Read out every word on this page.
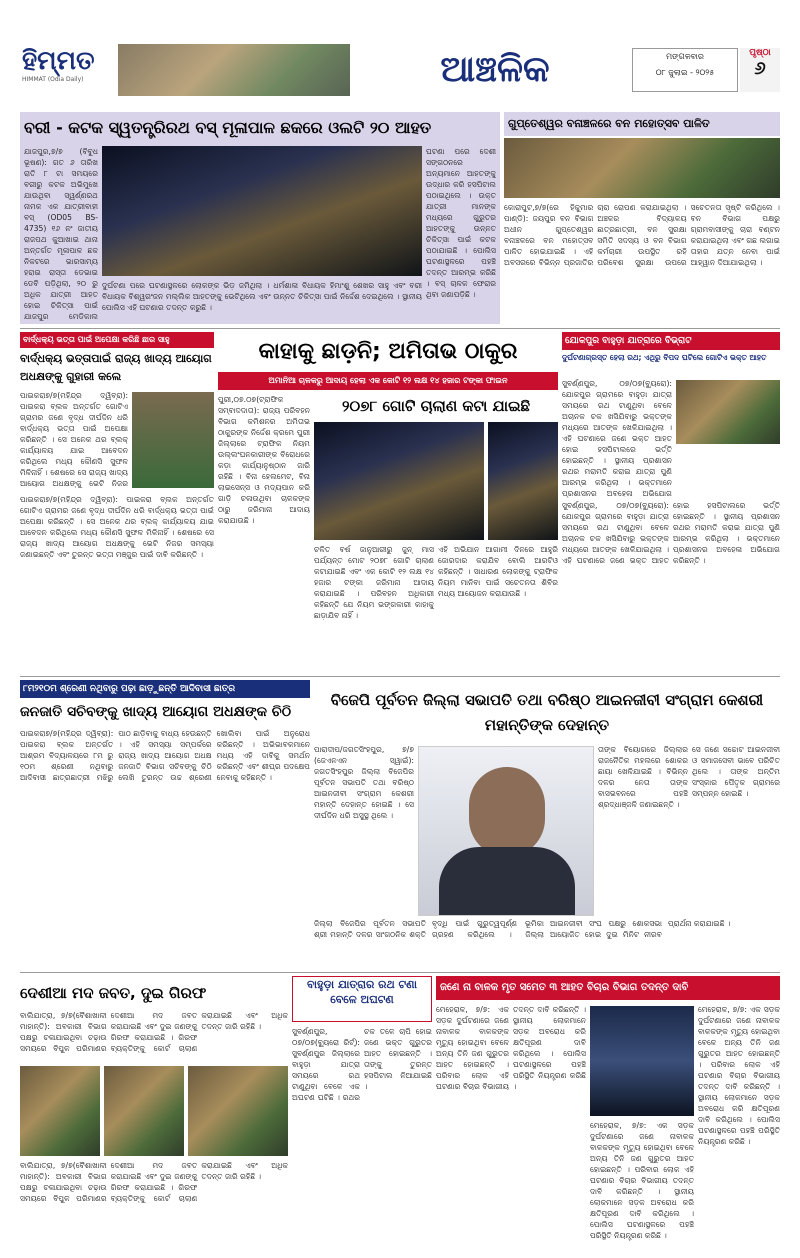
ହିମ୍ମତ
HIMMAT (Odia Daily)	ଆଞ୍ଚଳିକ	ମଙ୍ଗଳବାର
୦୮ ଜୁଲାଇ - ୨୦୨୫
ପୃଷ୍ଠା
୬
ବରୀ - କଟକ ସ୍ୱତନ୍ତ୍ରିରଥ ବସ୍ ମୂଳାପାଳ ଛକରେ ଓଲଟି ୨୦ ଆହତ
ଯାଜପୁର,୭/୭ (ବିବୁଧ ଭୂଷଣ): ଗତ ୬ ତାରିଖ ରାତି ୮ ଟା ସମୟରେ ବରୀରୁ କଟକ ଅଭିମୁଖେ ଯାଉଥିବା ସ୍ୱର୍ଣ୍ଣରଥ ନାମକ ଏକ ଯାତ୍ରୀବାହୀ ବସ୍ (OD05 BS-4735) ୧୬ ନଂ ଜାତୀୟ ରାଜପଥ କୁଆଖାଇ ଥାନା ଅନ୍ତର୍ଗତ ମୂଳାପାଳ ଛକ ନିକଟରେ ଭାରସାମ୍ୟ ହରାଇ ରାସ୍ତା ଡେଭାଇ ଡେବି ପଡ଼ିଥିଲା, ୨୦ ରୁ ଅଧିକ ଯାତ୍ରୀ ଆହତ ହୋଇ ଚିକିତ୍ସା ପାଇଁ ଯାଜପୁର ମେଡିକାଲ
ଘଟଣା ପରେ ଦେଶୀ ସଙ୍ଗଠନରେ ଅନ୍ୟମାନେ ଆହତଙ୍କୁ ଉଦ୍ଧାର କରି ହସପିଟାଲ ପଠାଇଥିଲେ । ଉକ୍ତ ଯାତ୍ରୀ ମାନଙ୍କ ମଧ୍ୟରେ ଗୁରୁତର ଆହତଙ୍କୁ ଉନ୍ନତ ଚିକିତ୍ସା ପାଇଁ କଟକ ପଠାଯାଇଛି । ପୋଲିସ ଘଟଣାସ୍ଥଳରେ ପହଞ୍ଚି ତଦନ୍ତ ଆରମ୍ଭ କରିଛି । ବସ୍ ଚାଳକ ଫେରାର ଥିବା ଜଣାପଡ଼ିଛି ।
ଦୁର୍ଘଟଣା ପରେ ଘଟଣାସ୍ଥଳରେ ଲୋକଙ୍କ ଭିଡ଼ ଜମିଥିଲା । ଧର୍ମଶାଳା ବିଧାୟକ ହିମାଂଶୁ ଶେଖର ସାହୁ ଏବଂ ବରୀ ବିଧାୟକ ବିଶ୍ୱରଂଜନ ମଲ୍ଲିକ ଆହତଙ୍କୁ ଭେଟିଥିଲେ ଏବଂ ଉନ୍ନତ ଚିକିତ୍ସା ପାଇଁ ନିର୍ଦ୍ଦେଶ ଦେଇଥିଲେ । ସ୍ଥାନୀୟ ପୋଲିସ ଏହି ଘଟଣାର ତଦନ୍ତ କରୁଛି ।
ଗୁପ୍ତେଶ୍ୱର ବନାଞ୍ଚଳରେ ବନ ମହୋତ୍ସବ ପାଳିତ
କୋରାପୁଟ,୭/୭(ରେ ହିକୁମାର ପାଣ୍ଡି): ଜୟପୁର ବନ ବିଭାଗ ଅଧୀନ ଗୁପ୍ତେଶ୍ୱର ବନାଞ୍ଚଳରେ ବନ ମହୋତ୍ସବ ପାଳିତ ହୋଇଯାଇଛି । ଏହି ଅବସରରେ ବିଭିନ୍ନ ପ୍ରଜାତିର ଚାରା ରୋପଣ କରାଯାଇଥିଲା । ଅଞ୍ଚଳର ବିଦ୍ୟାଳୟ ଛାତ୍ରଛାତ୍ରୀ, ବନ ସୁରକ୍ଷା ସମିତି ସଦସ୍ୟ ଓ ବନ ବିଭାଗ କର୍ମଚାରୀ ଉପସ୍ଥିତ ରହି ପରିବେଶ ସୁରକ୍ଷା ଉପରେ ସଚେତନତା ସୃଷ୍ଟି କରିଥିଲେ । ବନ ବିଭାଗ ପକ୍ଷରୁ ଗ୍ରାମବାସୀଙ୍କୁ ଚାରା ବଣ୍ଟନ କରାଯାଇଥିଲା ଏବଂ ଗଛ ଲଗାଇ ତାହାର ଯତ୍ନ ନେବା ପାଇଁ ଆହ୍ୱାନ ଦିଆଯାଇଥିଲା ।
ବାର୍ଦ୍ଧକ୍ୟ ଭତ୍ତା ପାଇଁ ଅପେକ୍ଷା କରିଛି ଛାର ସାହୁ
ବାର୍ଦ୍ଧକ୍ୟ ଭତ୍ତାପାଇଁ ରାଜ୍ୟ ଖାଦ୍ୟ ଆୟୋଗ ଅଧକ୍ଷଙ୍କୁ ଗୁହାରୀ କଲେ
ପାଇକରା୭/୭(ମହିନ୍ଦ୍ର ଦ୍ୱିବ୍ରା): ପାଇକରା ବ୍ଲକ ଅନ୍ତର୍ଗତ ଗୋଟିଏ ଗ୍ରାମର ଜଣେ ବୃଦ୍ଧ ଦୀର୍ଘଦିନ ଧରି ବାର୍ଦ୍ଧକ୍ୟ ଭତ୍ତା ପାଇଁ ଅପେକ୍ଷା କରିଛନ୍ତି । ସେ ଅନେକ ଥର ବ୍ଲକ୍ କାର୍ଯ୍ୟାଳୟ ଯାଇ ଆବେଦନ କରିଥିଲେ ମଧ୍ୟ କୌଣସି ସୁଫଳ ମିଳିନାହିଁ । ଶେଷରେ ସେ ରାଜ୍ୟ ଖାଦ୍ୟ ଆୟୋଗ ଅଧକ୍ଷଙ୍କୁ ଭେଟି ନିଜର
ପାଇକରା୭/୭(ମହିନ୍ଦ୍ର ଦ୍ୱିବ୍ରା): ପାଇକରା ବ୍ଲକ ଅନ୍ତର୍ଗତ ଗୋଟିଏ ଗ୍ରାମର ଜଣେ ବୃଦ୍ଧ ଦୀର୍ଘଦିନ ଧରି ବାର୍ଦ୍ଧକ୍ୟ ଭତ୍ତା ପାଇଁ ଅପେକ୍ଷା କରିଛନ୍ତି । ସେ ଅନେକ ଥର ବ୍ଲକ୍ କାର୍ଯ୍ୟାଳୟ ଯାଇ ଆବେଦନ କରିଥିଲେ ମଧ୍ୟ କୌଣସି ସୁଫଳ ମିଳିନାହିଁ । ଶେଷରେ ସେ ରାଜ୍ୟ ଖାଦ୍ୟ ଆୟୋଗ ଅଧକ୍ଷଙ୍କୁ ଭେଟି ନିଜର ସମସ୍ୟା ଜଣାଇଛନ୍ତି ଏବଂ ତୁରନ୍ତ ଭତ୍ତା ମଞ୍ଜୁର ପାଇଁ ଦାବି କରିଛନ୍ତି ।
କାହାକୁ ଛାଡ଼ନି; ଅମିତାଭ ଠାକୁର
ଅମାନିଆ ଚାଳକରୁ ଆଦାୟ ହେଲା ଏକ କୋଟି ୧୨ ଲକ୍ଷ ୧୪ ହଜାର ଟଙ୍କା ଫାଇନ
ପୁରୀ,୦୭.୦୭(ଟ୍ରାଫିକ ସମ୍ବାଦଦାତା): ରାଜ୍ୟ ପରିବହନ ବିଭାଗ କମିଶନର ଅମିତାଭ ଠାକୁରଙ୍କ ନିର୍ଦ୍ଦେଶ କ୍ରମେ ପୁରୀ ଜିଲ୍ଲାରେ ଟ୍ରାଫିକ ନିୟମ ଉଲ୍ଲଂଘନକାରୀଙ୍କ ବିରୋଧରେ କଡ଼ା କାର୍ଯ୍ୟାନୁଷ୍ଠାନ ଜାରି ରହିଛି । ବିନା ହେଲମେଟ, ବିନା ଲାଇସେନ୍ସ ଓ ମଦ୍ୟପାନ କରି ଗାଡ଼ି ଚଳାଉଥିବା ଚାଳକଙ୍କ ଠାରୁ ଜରିମାନା ଆଦାୟ କରାଯାଉଛି ।
୨୦୭୮ ଗୋଟି ଚାଲାଣ କଟା ଯାଇଛି
ଚଳିତ ବର୍ଷ ଜାନୁଆରୀରୁ ଜୁନ୍ ମାସ ପର୍ଯ୍ୟନ୍ତ ମୋଟ ୨୦୭୮ ଗୋଟି ଚାଲାଣ କଟାଯାଇଛି ଏବଂ ଏକ କୋଟି ୧୨ ଲକ୍ଷ ୧୪ ହଜାର ଟଙ୍କା ଜରିମାନା ଆଦାୟ କରାଯାଇଛି । ପରିବହନ ଅଧିକାରୀ କହିଛନ୍ତି ଯେ ନିୟମ ଭଙ୍ଗକାରୀ କାହାକୁ ଛାଡ଼ାଯିବ ନାହିଁ ।
ଏହି ଅଭିଯାନ ଆଗାମୀ ଦିନରେ ଆହୁରି ଜୋରଦାର କରାଯିବ ବୋଲି ଆରଟିଓ କହିଛନ୍ତି । ସାଧାରଣ ଲୋକଙ୍କୁ ଟ୍ରାଫିକ ନିୟମ ମାନିବା ପାଇଁ ସଚେତନତା ଶିବିର ମଧ୍ୟ ଆୟୋଜନ କରାଯାଉଛି ।
ଯୋକପୁର ବାହୁଡ଼ା ଯାତ୍ରାରେ ବିଭ୍ରାଟ
ଦୁର୍ଘଟଣାଗ୍ରସ୍ତ ହେଲା ରଥ; ଏଥିରୁ ବିପଦ ଘଟିଲେ ଗୋଟିଏ ଭକ୍ତ ଆହତ
ସୁବର୍ଣ୍ଣପୁର, ୦୭/୦୭(ବ୍ୟୁରୋ): ଯୋକପୁର ଗ୍ରାମରେ ବାହୁଡ଼ା ଯାତ୍ରା ସମୟରେ ରଥ ଟାଣୁଥିବା ବେଳେ ଅଚାନକ ଚକ ଖସିଯିବାରୁ ଭକ୍ତଙ୍କ ମଧ୍ୟରେ ଆତଙ୍କ ଖେଳିଯାଇଥିଲା । ଏହି ଘଟଣାରେ ଜଣେ ଭକ୍ତ ଆହତ ହୋଇ ହସପିଟାଲରେ ଭର୍ତ୍ତି ହୋଇଛନ୍ତି । ସ୍ଥାନୀୟ ପ୍ରଶାସନ ରଥର ମରାମତି କରାଇ ଯାତ୍ରା ପୁଣି ଆରମ୍ଭ କରିଥିଲା । ଭକ୍ତମାନେ ପ୍ରଶାସନର ଅବହେଳା ଅଭିଯୋଗ
ସୁବର୍ଣ୍ଣପୁର, ୦୭/୦୭(ବ୍ୟୁରୋ): ଯୋକପୁର ଗ୍ରାମରେ ବାହୁଡ଼ା ଯାତ୍ରା ସମୟରେ ରଥ ଟାଣୁଥିବା ବେଳେ ଅଚାନକ ଚକ ଖସିଯିବାରୁ ଭକ୍ତଙ୍କ ମଧ୍ୟରେ ଆତଙ୍କ ଖେଳିଯାଇଥିଲା । ଏହି ଘଟଣାରେ ଜଣେ ଭକ୍ତ ଆହତ ହୋଇ ହସପିଟାଲରେ ଭର୍ତ୍ତି ହୋଇଛନ୍ତି । ସ୍ଥାନୀୟ ପ୍ରଶାସନ ରଥର ମରାମତି କରାଇ ଯାତ୍ରା ପୁଣି ଆରମ୍ଭ କରିଥିଲା । ଭକ୍ତମାନେ ପ୍ରଶାସନର ଅବହେଳା ଅଭିଯୋଗ କରିଛନ୍ତି ।
୮ମ୨୧୦ମ ଶ୍ରେଣୀ ନଥିବାରୁ ପଢ଼ା ଛାଡ଼ୁଛନ୍ତି ଆଦିବାସୀ ଛାତ୍ର
ଜନଜାତି ସଚିବଙ୍କୁ ଖାଦ୍ୟ ଆୟୋଗ ଅଧକ୍ଷଙ୍କ ଚିଠି
ପାଇକରା୭/୭(ମହିନ୍ଦ୍ର ଦ୍ୱିବ୍ରା): ପାଇକରା ବ୍ଲକ ଅନ୍ତର୍ଗତ ଆଶ୍ରମ ବିଦ୍ୟାଳୟରେ ୮ମ ରୁ ୧୦ମ ଶ୍ରେଣୀ ନଥିବାରୁ ଆଦିବାସୀ ଛାତ୍ରଛାତ୍ରୀ ମଝିରୁ ପାଠ ଛାଡ଼ିବାକୁ ବାଧ୍ୟ ହେଉଛନ୍ତି । ଏହି ସମସ୍ୟା ସମ୍ପର୍କରେ ରାଜ୍ୟ ଖାଦ୍ୟ ଆୟୋଗ ଅଧକ୍ଷ ଜନଜାତି ବିଭାଗ ସଚିବଙ୍କୁ ଚିଠି ଲେଖି ତୁରନ୍ତ ଉଚ୍ଚ ଶ୍ରେଣୀ ଖୋଲିବା ପାଇଁ ଅନୁରୋଧ କରିଛନ୍ତି । ଅଭିଭାବକମାନେ ମଧ୍ୟ ଏହି ଦାବିକୁ ସମର୍ଥନ କରିଛନ୍ତି ଏବଂ ଶୀଘ୍ର ପଦକ୍ଷେପ ନେବାକୁ କହିଛନ୍ତି ।
ବିଜେପି ପୂର୍ବତନ ଜିଲ୍ଲା ସଭାପତି ତଥା ବରିଷ୍ଠ ଆଇନଜୀବୀ ସଂଗ୍ରାମ କେଶରୀ ମହାନ୍ତିଙ୍କ ଦେହାନ୍ତ
ପାରାଦୀପ/ଜଗତସିଂହପୁର, ୭/୭ (ଜେଏନଏନ ସ୍ୱାଇଁ): ଜଗତସିଂହପୁର ଜିଲ୍ଲା ବିଜେପିର ପୂର୍ବତନ ସଭାପତି ତଥା ବରିଷ୍ଠ ଆଇନଜୀବୀ ସଂଗ୍ରାମ କେଶରୀ ମହାନ୍ତି ଦେହାନ୍ତ ହୋଇଛି । ସେ ଦୀର୍ଘଦିନ ଧରି ଅସୁସ୍ଥ ଥିଲେ ।
ତାଙ୍କ ବିୟୋଗରେ ଜିଲ୍ଲାର ରାଜନୈତିକ ମହଲରେ ଶୋକର ଛାୟା ଖେଳିଯାଇଛି । ବିଭିନ୍ନ ଦଳର ନେତା ତାଙ୍କ ବାସଭବନରେ ପହଞ୍ଚି ଶ୍ରଦ୍ଧାଞ୍ଜଳି ଜଣାଇଛନ୍ତି ।
ସେ ଜଣେ ସଚ୍ଚୋଟ ଆଇନଜୀବୀ ଓ ସମାଜସେବୀ ଭାବେ ପରିଚିତ ଥିଲେ । ତାଙ୍କ ଅନ୍ତିମ ସଂସ୍କାର ପୈତୃକ ଗ୍ରାମରେ ସମ୍ପନ୍ନ ହୋଇଛି ।
ଜିଲ୍ଲା ବିଜେପିର ପୂର୍ବତନ ସଭାପତି ଶ୍ରୀ ମହାନ୍ତି ଦଳର ସାଂଗଠନିକ ଶକ୍ତି ବୃଦ୍ଧି ପାଇଁ ଗୁରୁତ୍ୱପୂର୍ଣ୍ଣ ଭୂମିକା ଗ୍ରହଣ କରିଥିଲେ । ଜିଲ୍ଲା ଆଇନଜୀବୀ ସଂଘ ପକ୍ଷରୁ ଶୋକସଭା ଆୟୋଜିତ ହୋଇ ଦୁଇ ମିନିଟ ନୀରବ ପ୍ରାର୍ଥନା କରାଯାଇଛି ।
ଦେଶୀଆ ମଦ ଜବତ, ଦୁଇ ଗିରଫ
ବାଲିଯାତ୍ରା, ୭/୭(ବୈଶାଖାଳୀ ମାହାନ୍ତି): ଅବକାରୀ ବିଭାଗ ପକ୍ଷରୁ ଚଳାଯାଇଥିବା ଚଢ଼ାଉ ସମୟରେ ବିପୁଳ ପରିମାଣର ଦେଶୀଆ ମଦ ଜବତ କରାଯାଇଛି ଏବଂ ଦୁଇ ଜଣଙ୍କୁ ଗିରଫ କରାଯାଇଛି । ଗିରଫ ବ୍ୟକ୍ତିଙ୍କୁ କୋର୍ଟ ଚାଲାଣ କରାଯାଇଛି ଏବଂ ଅଧିକ ତଦନ୍ତ ଜାରି ରହିଛି ।
ବାଲିଯାତ୍ରା, ୭/୭(ବୈଶାଖାଳୀ ମାହାନ୍ତି): ଅବକାରୀ ବିଭାଗ ପକ୍ଷରୁ ଚଳାଯାଇଥିବା ଚଢ଼ାଉ ସମୟରେ ବିପୁଳ ପରିମାଣର ଦେଶୀଆ ମଦ ଜବତ କରାଯାଇଛି ଏବଂ ଦୁଇ ଜଣଙ୍କୁ ଗିରଫ କରାଯାଇଛି । ଗିରଫ ବ୍ୟକ୍ତିଙ୍କୁ କୋର୍ଟ ଚାଲାଣ କରାଯାଇଛି ଏବଂ ଅଧିକ ତଦନ୍ତ ଜାରି ରହିଛି ।
ବାହୁଡ଼ା ଯାତ୍ରାର ରଥ ଟଣା ବେଳେ ଅଘଟଣ
ସୁବର୍ଣ୍ଣପୁର, ୦୭/୦୭(ବ୍ୟୁରୋ ରିର୍ଟ୍): ସୁବର୍ଣ୍ଣପୁର ଜିଲ୍ଲାରେ ବାହୁଡ଼ା ଯାତ୍ରା ସମୟରେ ରଥ ଟାଣୁଥିବା ବେଳେ ଏକ ଅଘଟଣ ଘଟିଛି । ରଥର ଚକ ତଳେ ଚାପି ହୋଇ ଜଣେ ଭକ୍ତ ଗୁରୁତର ଆହତ ହୋଇଛନ୍ତି । ତାଙ୍କୁ ତୁରନ୍ତ ହସପିଟାଲ ନିଆଯାଇଛି ।
ଜଣେ ନା ବାଳକ ମୃତ ସମେତ ୩ ଆହତ ବିଚାର ବିଭାଗ ତଦନ୍ତ ଦାବି
ମେହେରାଳ, ୭/୭: ଏକ ସଡ଼କ ଦୁର୍ଘଟଣାରେ ଜଣେ ନାବାଳକ ବାଳକଙ୍କ ମୃତ୍ୟୁ ହୋଇଥିବା ବେଳେ ଅନ୍ୟ ତିନି ଜଣ ଗୁରୁତର ଆହତ ହୋଇଛନ୍ତି । ପରିବାର ଲୋକ ଏହି ଘଟଣାର ବିଚାର ବିଭାଗୀୟ ତଦନ୍ତ ଦାବି କରିଛନ୍ତି । ସ୍ଥାନୀୟ ଲୋକମାନେ ସଡ଼କ ଅବରୋଧ କରି କ୍ଷତିପୂରଣ ଦାବି କରିଥିଲେ । ପୋଲିସ ଘଟଣାସ୍ଥଳରେ ପହଞ୍ଚି ପରିସ୍ଥିତି ନିୟନ୍ତ୍ରଣ କରିଛି ।
ମେହେରାଳ, ୭/୭: ଏକ ସଡ଼କ ଦୁର୍ଘଟଣାରେ ଜଣେ ନାବାଳକ ବାଳକଙ୍କ ମୃତ୍ୟୁ ହୋଇଥିବା ବେଳେ ଅନ୍ୟ ତିନି ଜଣ ଗୁରୁତର ଆହତ ହୋଇଛନ୍ତି । ପରିବାର ଲୋକ ଏହି ଘଟଣାର ବିଚାର ବିଭାଗୀୟ ତଦନ୍ତ ଦାବି କରିଛନ୍ତି । ସ୍ଥାନୀୟ ଲୋକମାନେ ସଡ଼କ ଅବରୋଧ କରି କ୍ଷତିପୂରଣ ଦାବି କରିଥିଲେ । ପୋଲିସ ଘଟଣାସ୍ଥଳରେ ପହଞ୍ଚି ପରିସ୍ଥିତି ନିୟନ୍ତ୍ରଣ କରିଛି ।
ମେହେରାଳ, ୭/୭: ଏକ ସଡ଼କ ଦୁର୍ଘଟଣାରେ ଜଣେ ନାବାଳକ ବାଳକଙ୍କ ମୃତ୍ୟୁ ହୋଇଥିବା ବେଳେ ଅନ୍ୟ ତିନି ଜଣ ଗୁରୁତର ଆହତ ହୋଇଛନ୍ତି । ପରିବାର ଲୋକ ଏହି ଘଟଣାର ବିଚାର ବିଭାଗୀୟ ତଦନ୍ତ ଦାବି କରିଛନ୍ତି । ସ୍ଥାନୀୟ ଲୋକମାନେ ସଡ଼କ ଅବରୋଧ କରି କ୍ଷତିପୂରଣ ଦାବି କରିଥିଲେ । ପୋଲିସ ଘଟଣାସ୍ଥଳରେ ପହଞ୍ଚି ପରିସ୍ଥିତି ନିୟନ୍ତ୍ରଣ କରିଛି ।
